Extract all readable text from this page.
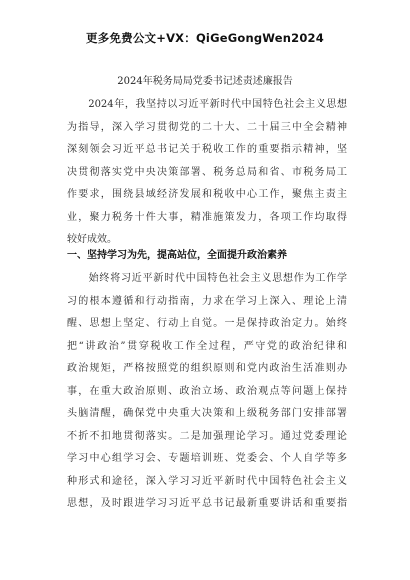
更多免费公文+VX：QiGeGongWen2024
2024年税务局局党委书记述责述廉报告
　　2024年，我坚持以习近平新时代中国特色社会主义思想
为指导，深入学习贯彻党的二十大、二十届三中全会精神
深刻领会习近平总书记关于税收工作的重要指示精神，坚
决贯彻落实党中央决策部署、税务总局和省、市税务局工
作要求，围绕县域经济发展和税收中心工作，聚焦主责主
业，聚力税务十件大事，精准施策发力，各项工作均取得
较好成效。
一、坚持学习为先，提高站位，全面提升政治素养
　　始终将习近平新时代中国特色社会主义思想作为工作学
习的根本遵循和行动指南，力求在学习上深入、理论上清
醒、思想上坚定、行动上自觉。一是保持政治定力。始终
把“讲政治”贯穿税收工作全过程，严守党的政治纪律和
政治规矩，严格按照党的组织原则和党内政治生活准则办
事，在重大政治原则、政治立场、政治观点等问题上保持
头脑清醒，确保党中央重大决策和上级税务部门安排部署
不折不扣地贯彻落实。二是加强理论学习。通过党委理论
学习中心组学习会、专题培训班、党委会、个人自学等多
种形式和途径，深入学习习近平新时代中国特色社会主义
思想，及时跟进学习习近平总书记最新重要讲话和重要指
